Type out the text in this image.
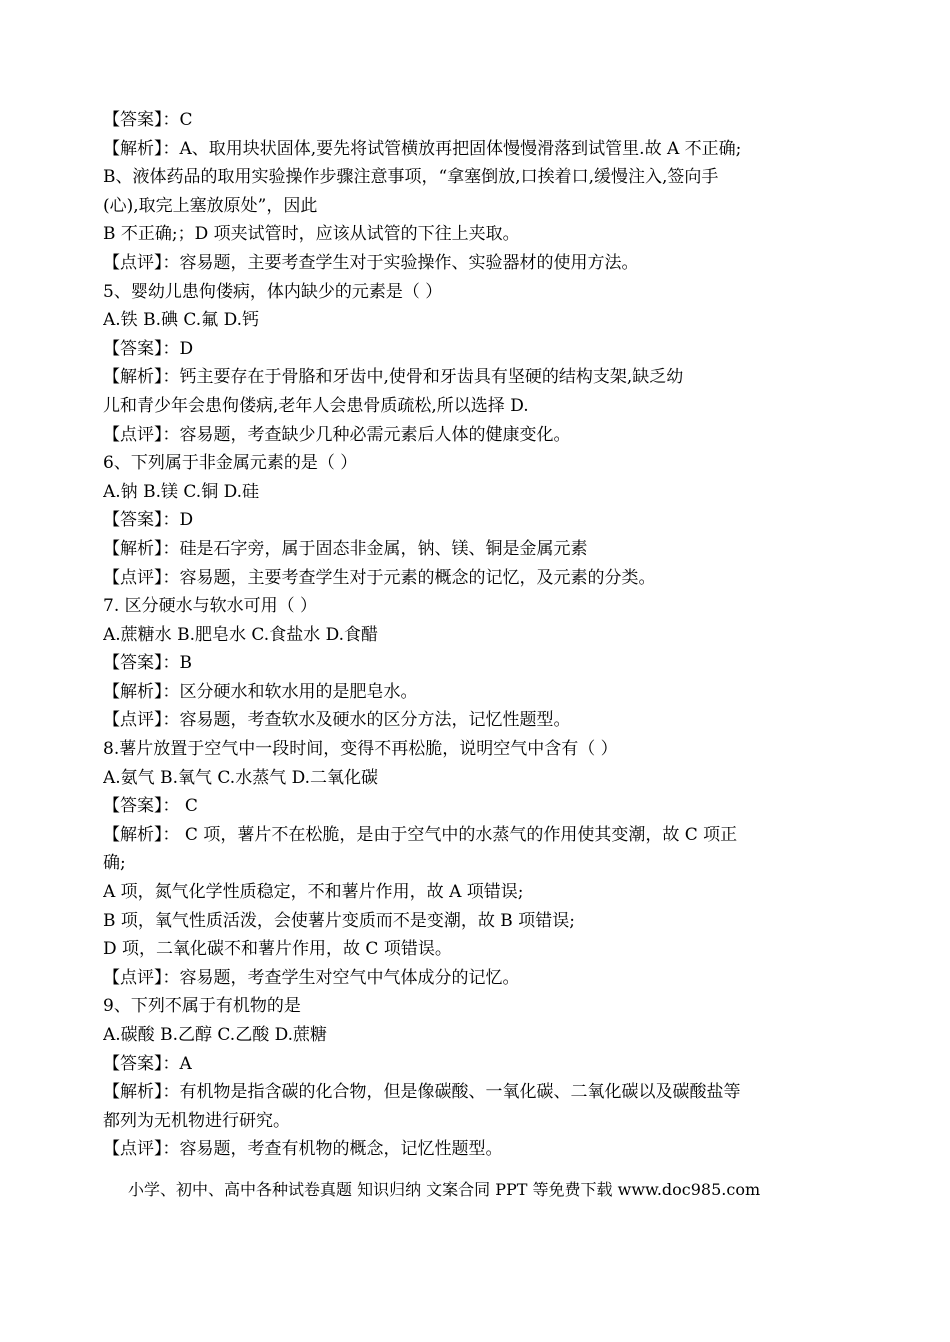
【答案】：C
【解析】：A、取用块状固体,要先将试管横放再把固体慢慢滑落到试管里.故 A 不正确;
B、液体药品的取用实验操作步骤注意事项，“拿塞倒放,口挨着口,缓慢注入,签向手
(心),取完上塞放原处”，因此
B 不正确;；D 项夹试管时，应该从试管的下往上夹取。
【点评】：容易题，主要考查学生对于实验操作、实验器材的使用方法。
5、婴幼儿患佝偻病，体内缺少的元素是（ ）
A.铁 B.碘 C.氟 D.钙
【答案】：D
【解析】：钙主要存在于骨胳和牙齿中,使骨和牙齿具有坚硬的结构支架,缺乏幼
儿和青少年会患佝偻病,老年人会患骨质疏松,所以选择 D.
【点评】：容易题，考查缺少几种必需元素后人体的健康变化。
6、下列属于非金属元素的是（ ）
A.钠 B.镁 C.铜 D.硅
【答案】：D
【解析】：硅是石字旁，属于固态非金属，钠、镁、铜是金属元素
【点评】：容易题，主要考查学生对于元素的概念的记忆，及元素的分类。
7. 区分硬水与软水可用（ ）
A.蔗糖水 B.肥皂水 C.食盐水 D.食醋
【答案】：B
【解析】：区分硬水和软水用的是肥皂水。
【点评】：容易题，考查软水及硬水的区分方法，记忆性题型。
8.薯片放置于空气中一段时间，变得不再松脆，说明空气中含有（ ）
A.氨气 B.氧气 C.水蒸气 D.二氧化碳
【答案】： C
【解析】： C 项，薯片不在松脆，是由于空气中的水蒸气的作用使其变潮，故 C 项正
确;
A 项，氮气化学性质稳定，不和薯片作用，故 A 项错误;
B 项，氧气性质活泼，会使薯片变质而不是变潮，故 B 项错误;
D 项，二氧化碳不和薯片作用，故 C 项错误。
【点评】：容易题，考查学生对空气中气体成分的记忆。
9、下列不属于有机物的是
A.碳酸 B.乙醇 C.乙酸 D.蔗糖
【答案】：A
【解析】：有机物是指含碳的化合物，但是像碳酸、一氧化碳、二氧化碳以及碳酸盐等
都列为无机物进行研究。
【点评】：容易题，考查有机物的概念，记忆性题型。
小学、初中、高中各种试卷真题 知识归纳 文案合同 PPT 等免费下载 www.doc985.com
